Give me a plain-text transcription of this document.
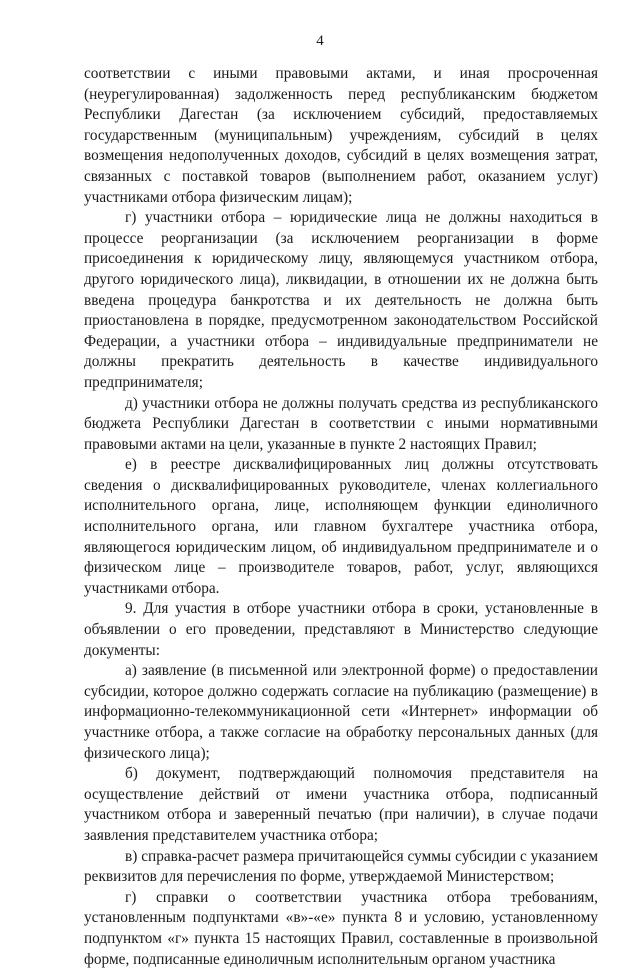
4

соответствии с иными правовыми актами, и иная просроченная (неурегулированная) задолженность перед республиканским бюджетом Республики Дагестан (за исключением субсидий, предоставляемых государственным (муниципальным) учреждениям, субсидий в целях возмещения недополученных доходов, субсидий в целях возмещения затрат, связанных с поставкой товаров (выполнением работ, оказанием услуг) участниками отбора физическим лицам);

г) участники отбора – юридические лица не должны находиться в процессе реорганизации (за исключением реорганизации в форме присоединения к юридическому лицу, являющемуся участником отбора, другого юридического лица), ликвидации, в отношении их не должна быть введена процедура банкротства и их деятельность не должна быть приостановлена в порядке, предусмотренном законодательством Российской Федерации, а участники отбора – индивидуальные предприниматели не должны прекратить деятельность в качестве индивидуального предпринимателя;

д) участники отбора не должны получать средства из республиканского бюджета Республики Дагестан в соответствии с иными нормативными правовыми актами на цели, указанные в пункте 2 настоящих Правил;

е) в реестре дисквалифицированных лиц должны отсутствовать сведения о дисквалифицированных руководителе, членах коллегиального исполнительного органа, лице, исполняющем функции единоличного исполнительного органа, или главном бухгалтере участника отбора, являющегося юридическим лицом, об индивидуальном предпринимателе и о физическом лице – производителе товаров, работ, услуг, являющихся участниками отбора.

9. Для участия в отборе участники отбора в сроки, установленные в объявлении о его проведении, представляют в Министерство следующие документы:

а) заявление (в письменной или электронной форме) о предоставлении субсидии, которое должно содержать согласие на публикацию (размещение) в информационно-телекоммуникационной сети «Интернет» информации об участнике отбора, а также согласие на обработку персональных данных (для физического лица);

б) документ, подтверждающий полномочия представителя на осуществление действий от имени участника отбора, подписанный участником отбора и заверенный печатью (при наличии), в случае подачи заявления представителем участника отбора;

в) справка-расчет размера причитающейся суммы субсидии с указанием реквизитов для перечисления по форме, утверждаемой Министерством;

г) справки о соответствии участника отбора требованиям, установленным подпунктами «в»-«е» пункта 8 и условию, установленному подпунктом «г» пункта 15 настоящих Правил, составленные в произвольной форме, подписанные единоличным исполнительным органом участника
